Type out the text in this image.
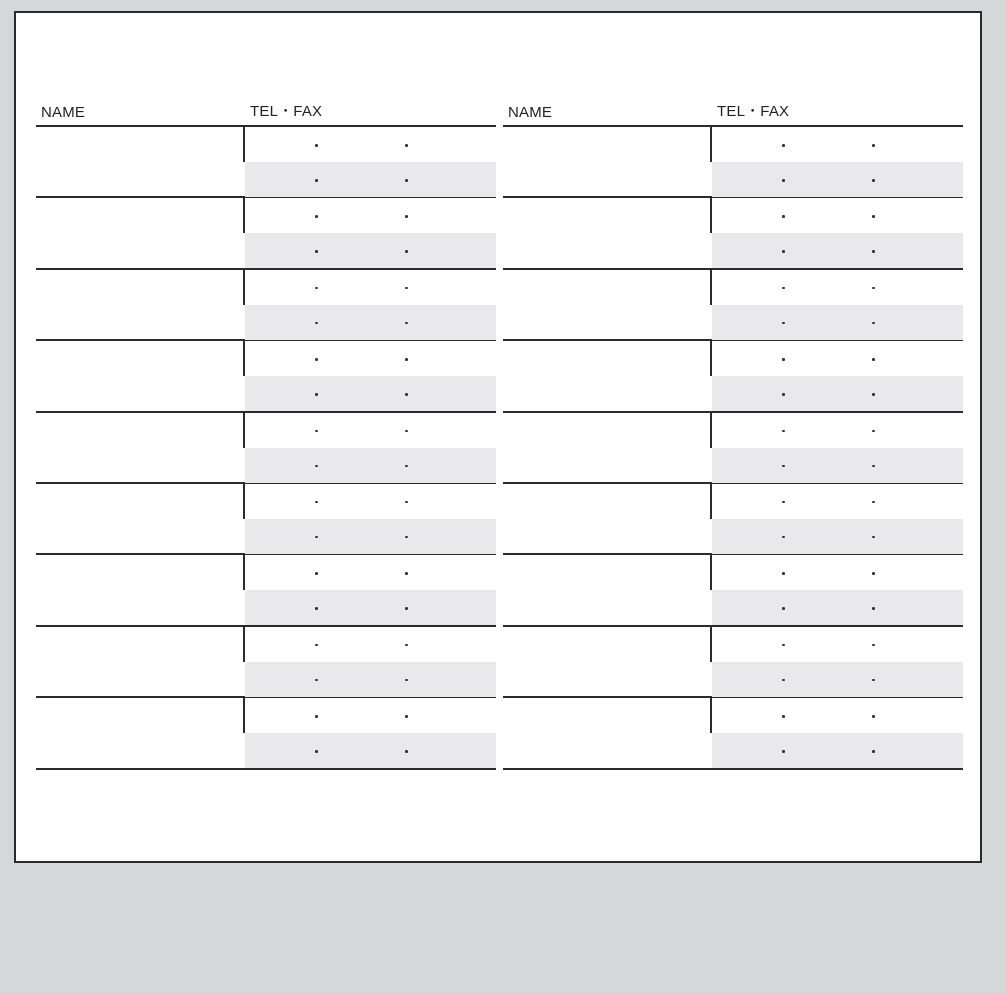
NAME	TEL・FAX	NAME	TEL・FAX
